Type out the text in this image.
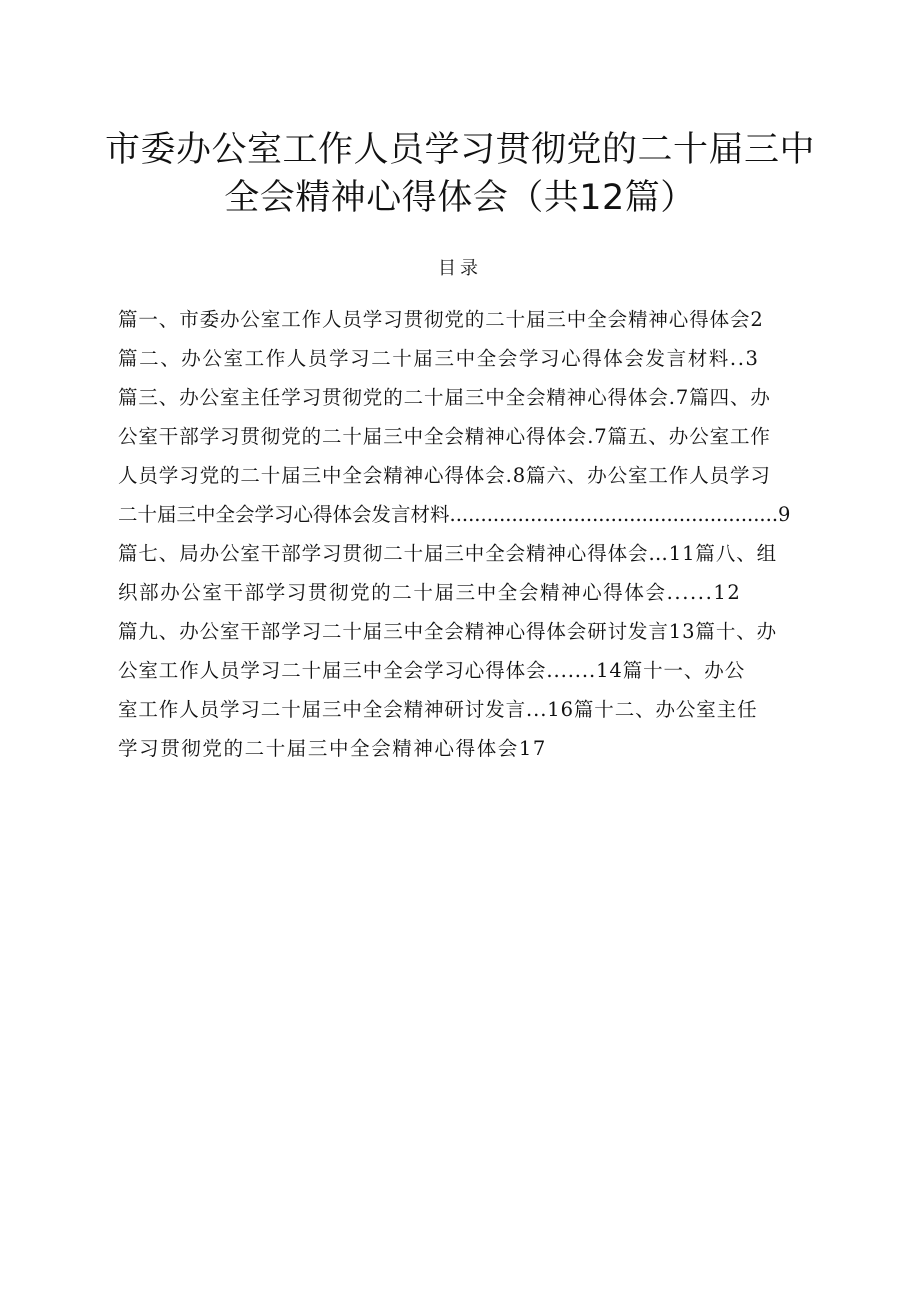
市委办公室工作人员学习贯彻党的二十届三中
全会精神心得体会（共12篇）
目录
篇一、市委办公室工作人员学习贯彻党的二十届三中全会精神心得体会2
篇二、办公室工作人员学习二十届三中全会学习心得体会发言材料..3
篇三、办公室主任学习贯彻党的二十届三中全会精神心得体会.7篇四、办
公室干部学习贯彻党的二十届三中全会精神心得体会.7篇五、办公室工作
人员学习党的二十届三中全会精神心得体会.8篇六、办公室工作人员学习
二十届三中全会学习心得体会发言材料.....................................................9
篇七、局办公室干部学习贯彻二十届三中全会精神心得体会…11篇八、组
织部办公室干部学习贯彻党的二十届三中全会精神心得体会......12
篇九、办公室干部学习二十届三中全会精神心得体会研讨发言13篇十、办
公室工作人员学习二十届三中全会学习心得体会.......14篇十一、办公
室工作人员学习二十届三中全会精神研讨发言...16篇十二、办公室主任
学习贯彻党的二十届三中全会精神心得体会17
